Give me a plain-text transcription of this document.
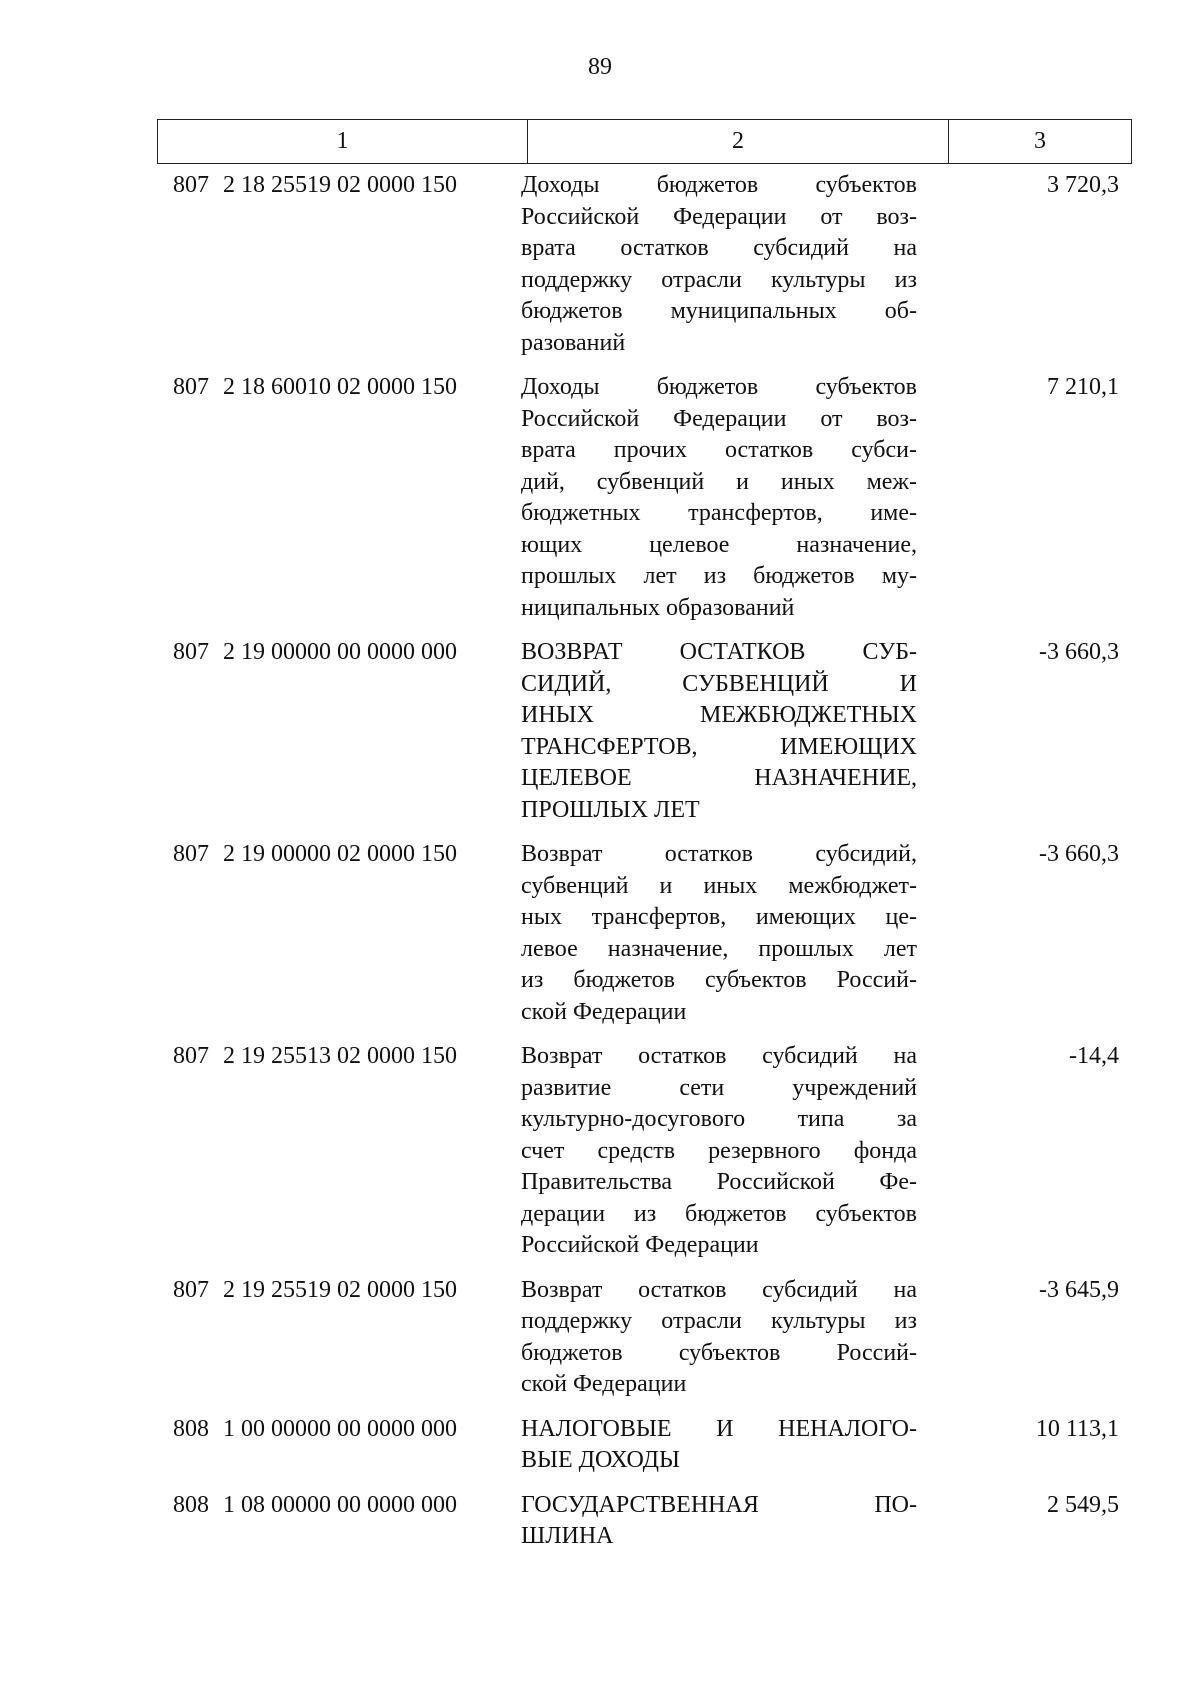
89
1	2	3
807 2 18 25519 02 0000 150	Доходы бюджетов субъектов
Российской Федерации от воз-
врата остатков субсидий на
поддержку отрасли культуры из
бюджетов муниципальных об-
разований
3 720,3
807 2 18 60010 02 0000 150	Доходы бюджетов субъектов
Российской Федерации от воз-
врата прочих остатков субси-
дий, субвенций и иных меж-
бюджетных трансфертов, име-
ющих целевое назначение,
прошлых лет из бюджетов му-
ниципальных образований
7 210,1
807 2 19 00000 00 0000 000	ВОЗВРАТ ОСТАТКОВ СУБ-
СИДИЙ, СУБВЕНЦИЙ И
ИНЫХ МЕЖБЮДЖЕТНЫХ
ТРАНСФЕРТОВ, ИМЕЮЩИХ
ЦЕЛЕВОЕ НАЗНАЧЕНИЕ,
ПРОШЛЫХ ЛЕТ
-3 660,3
807 2 19 00000 02 0000 150	Возврат остатков субсидий,
субвенций и иных межбюджет-
ных трансфертов, имеющих це-
левое назначение, прошлых лет
из бюджетов субъектов Россий-
ской Федерации
-3 660,3
807 2 19 25513 02 0000 150	Возврат остатков субсидий на
развитие сети учреждений
культурно-досугового типа за
счет средств резервного фонда
Правительства Российской Фе-
дерации из бюджетов субъектов
Российской Федерации
-14,4
807 2 19 25519 02 0000 150	Возврат остатков субсидий на
поддержку отрасли культуры из
бюджетов субъектов Россий-
ской Федерации
-3 645,9
808 1 00 00000 00 0000 000	НАЛОГОВЫЕ И НЕНАЛОГО-
ВЫЕ ДОХОДЫ
10 113,1
808 1 08 00000 00 0000 000	ГОСУДАРСТВЕННАЯ ПО-
ШЛИНА
2 549,5
